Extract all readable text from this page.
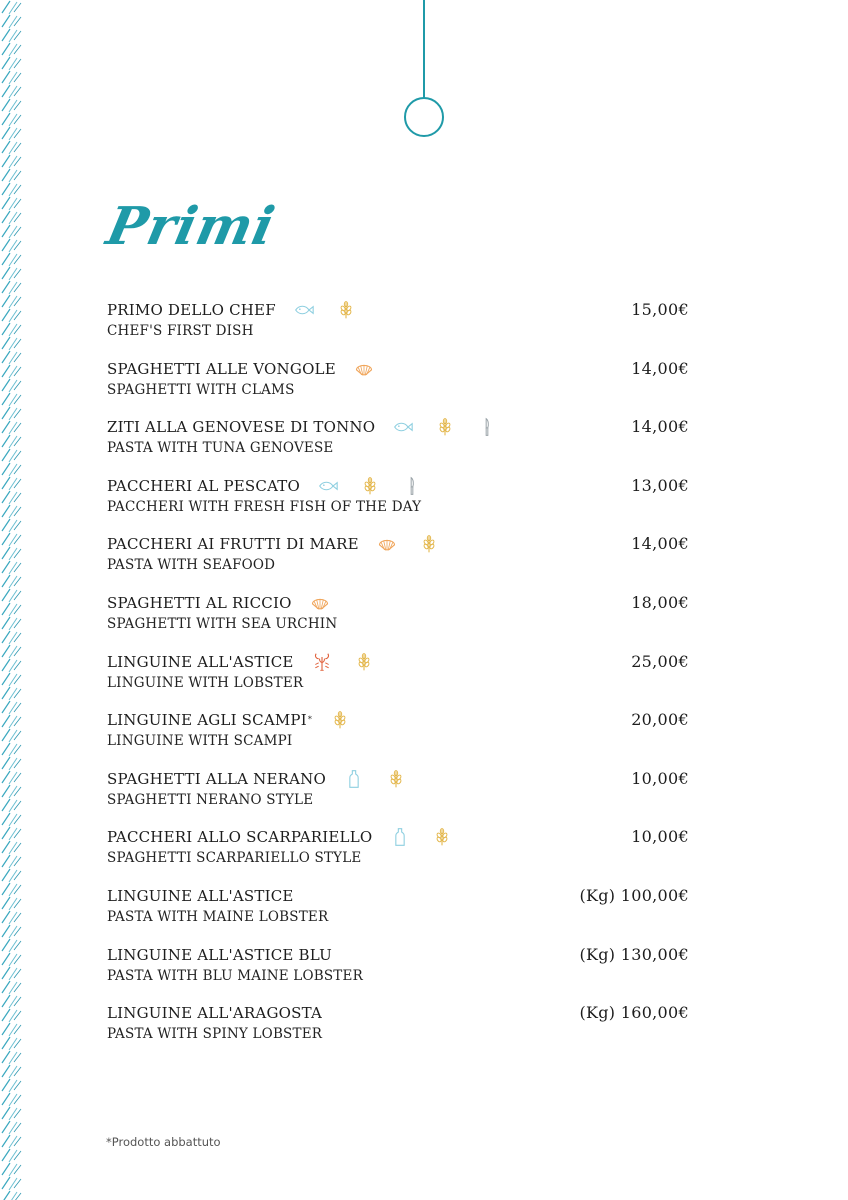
Primi
PRIMO DELLO CHEF
CHEF'S FIRST DISH
15,00€
SPAGHETTI ALLE VONGOLE
SPAGHETTI WITH CLAMS
14,00€
ZITI ALLA GENOVESE DI TONNO
PASTA WITH TUNA GENOVESE
14,00€
PACCHERI AL PESCATO
PACCHERI WITH FRESH FISH OF THE DAY
13,00€
PACCHERI AI FRUTTI DI MARE
PASTA WITH SEAFOOD
14,00€
SPAGHETTI AL RICCIO
SPAGHETTI WITH SEA URCHIN
18,00€
LINGUINE ALL'ASTICE
LINGUINE WITH LOBSTER
25,00€
LINGUINE AGLI SCAMPI *
LINGUINE WITH SCAMPI
20,00€
SPAGHETTI ALLA NERANO
SPAGHETTI NERANO STYLE
10,00€
PACCHERI ALLO SCARPARIELLO
SPAGHETTI SCARPARIELLO STYLE
10,00€
LINGUINE ALL'ASTICE
PASTA WITH MAINE LOBSTER
(Kg) 100,00€
LINGUINE ALL'ASTICE BLU
PASTA WITH BLU MAINE LOBSTER
(Kg) 130,00€
LINGUINE ALL'ARAGOSTA
PASTA WITH SPINY LOBSTER
(Kg) 160,00€
*Prodotto abbattuto
